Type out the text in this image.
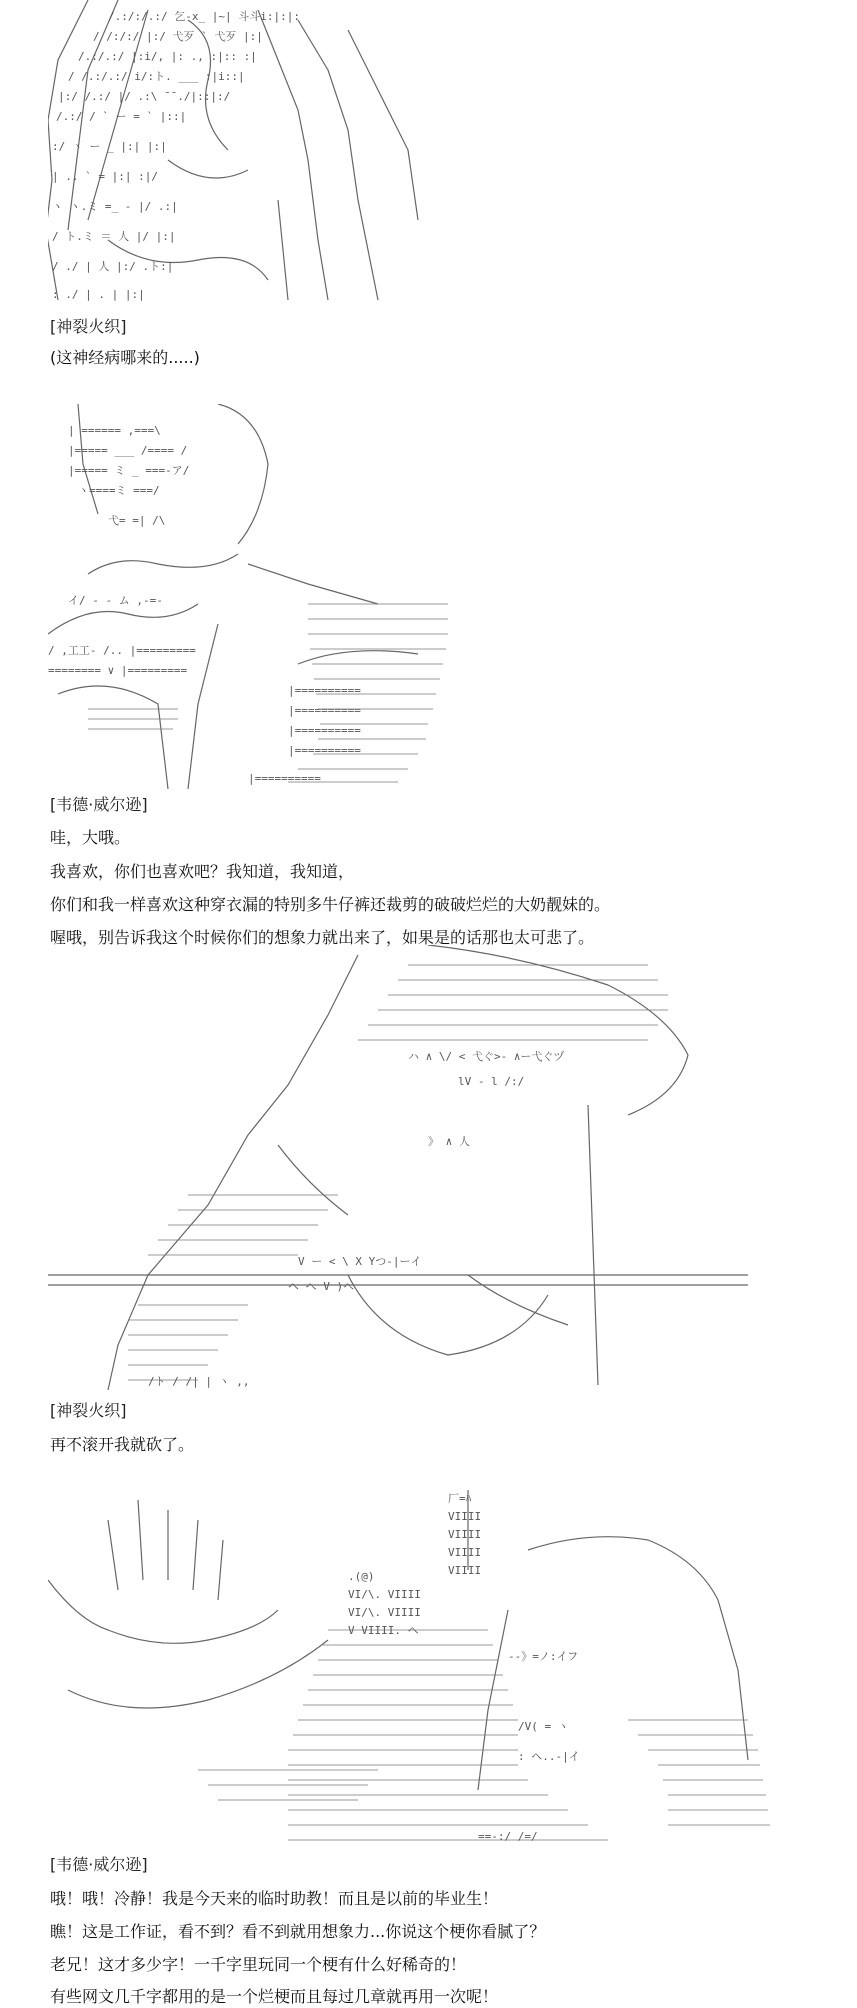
/.:/:/.:/ 乞-x_ |~| 斗斗i:|:|:
/ /:/:/ |:/ 弋歹 ` 弋歹 |:|
/.:/.:/ |:i/, |: ., :|:: :|
/ /.:/.:/ i/:ト. ___ :|i::|
|:/ /.:/ |/ .:\ ̄ ̄ ./|::|:/
/.:/ / ` ー = ` |::|
:/ ヽ ー _ |:| |:|
| .. ` = |:| :|/
ヽ ヽ.ミ =_ - |/ .:|
/ ト.ミ ＝ 人 |/ |:|
/ ./ | 人 |:/ .ト:|
: ./ | . | |:|
[神裂火织]
(这神经病哪来的.....)
| ====== ,===\
|===== ___ /==== /
|===== ミ _ ===-ア/
ヽ====ミ ===/
弋= =| /\
イ/ - - ム ,-=-
/ ,工工- /.. |=========
======== ∨ |=========
|==========
|==========
|==========
|==========
|==========
[韦德·威尔逊]
哇，大哦。
我喜欢，你们也喜欢吧？我知道，我知道，
你们和我一样喜欢这种穿衣漏的特别多牛仔裤还裁剪的破破烂烂的大奶靓妹的。
喔哦，别告诉我这个时候你们的想象力就出来了，如果是的话那也太可悲了。
ハ ∧ \/ < 弋ぐ>- ∧ー弋ぐヅ
lV - l /:/
》 ∧ 人
V ー < \ X Yつ-|ーイ
ヘ へ V )へ
/ト / /| | ヽ ,,
[神裂火织]
再不滚开我就砍了。
厂=ﾊ
VIIII
VIIII
VIIII
VIIII
.(@)
VI/\. VIIII
VI/\. VIIII
V VIIII. ヘ
--》=ノ:イフ
/V( = ヽ
: ヘ..-|イ
==-:/ /=/
[韦德·威尔逊]
哦！哦！冷静！我是今天来的临时助教！而且是以前的毕业生！
瞧！这是工作证，看不到？看不到就用想象力...你说这个梗你看腻了？
老兄！这才多少字！一千字里玩同一个梗有什么好稀奇的！
有些网文几千字都用的是一个烂梗而且每过几章就再用一次呢！
